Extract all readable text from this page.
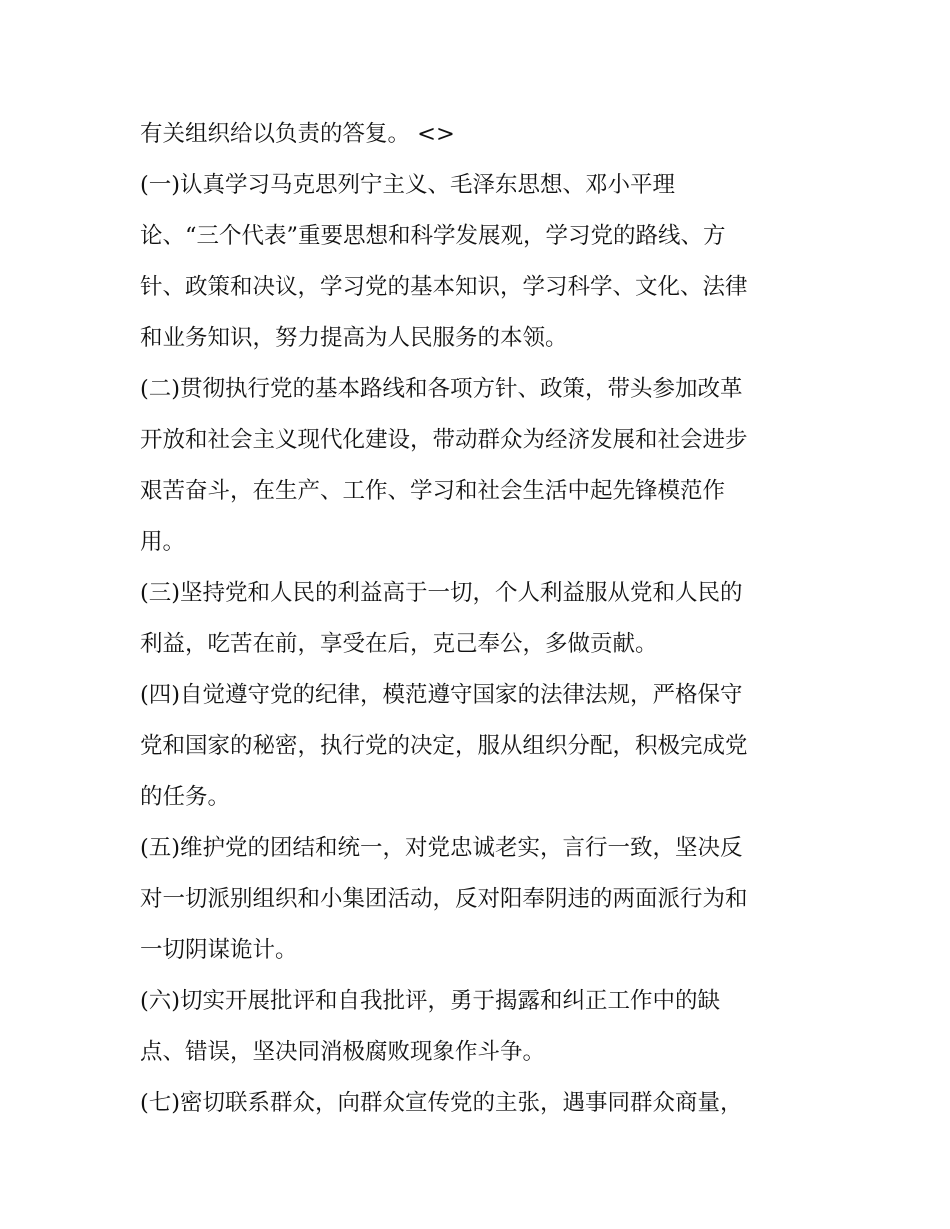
有关组织给以负责的答复。 <>
(一)认真学习马克思列宁主义、毛泽东思想、邓小平理
论、“三个代表”重要思想和科学发展观，学习党的路线、方
针、政策和决议，学习党的基本知识，学习科学、文化、法律
和业务知识，努力提高为人民服务的本领。
(二)贯彻执行党的基本路线和各项方针、政策，带头参加改革
开放和社会主义现代化建设，带动群众为经济发展和社会进步
艰苦奋斗，在生产、工作、学习和社会生活中起先锋模范作
用。
(三)坚持党和人民的利益高于一切，个人利益服从党和人民的
利益，吃苦在前，享受在后，克己奉公，多做贡献。
(四)自觉遵守党的纪律，模范遵守国家的法律法规，严格保守
党和国家的秘密，执行党的决定，服从组织分配，积极完成党
的任务。
(五)维护党的团结和统一，对党忠诚老实，言行一致，坚决反
对一切派别组织和小集团活动，反对阳奉阴违的两面派行为和
一切阴谋诡计。
(六)切实开展批评和自我批评，勇于揭露和纠正工作中的缺
点、错误，坚决同消极腐败现象作斗争。
(七)密切联系群众，向群众宣传党的主张，遇事同群众商量，
